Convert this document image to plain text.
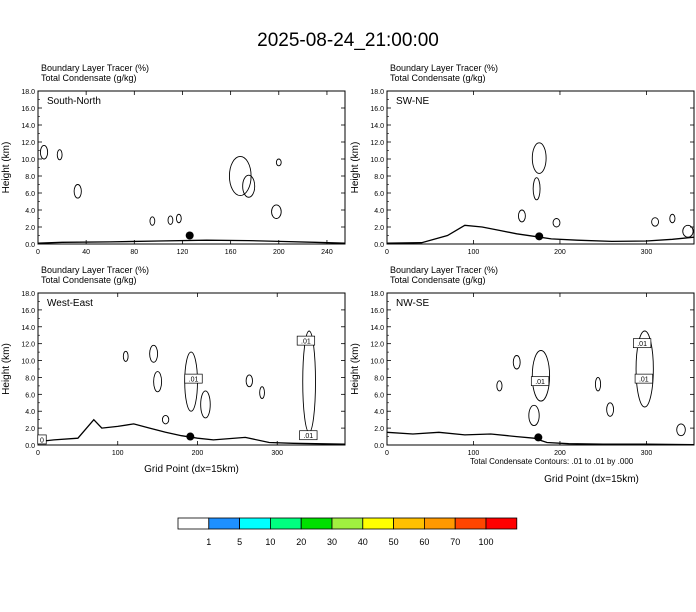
2025-08-24_21:00:00
Boundary Layer Tracer (%)
Total Condensate (g/kg)
0.0
2.0
4.0
6.0
8.0
10.0
12.0
14.0
16.0
18.0
0	40	80	120	160	200	240
Height (km)
South-North
Boundary Layer Tracer (%)
Total Condensate (g/kg)
0.0
2.0
4.0
6.0
8.0
10.0
12.0
14.0
16.0
18.0
0	100	200	300
Height (km)
SW-NE
Boundary Layer Tracer (%)
Total Condensate (g/kg)
0.0
2.0
4.0
6.0
8.0
10.0
12.0
14.0
16.0
18.0
0	100	200	300
Height (km)
Grid Point (dx=15km)
West-East
0
.01
.01
.01
Boundary Layer Tracer (%)
Total Condensate (g/kg)
0.0
2.0
4.0
6.0
8.0
10.0
12.0
14.0
16.0
18.0
0	100	200	300
Height (km)
Grid Point (dx=15km)
NW-SE
.01
.01
.01
1	5	10 20 30 40 50 60 70 100
Total Condensate Contours: .01 to .01 by .000
